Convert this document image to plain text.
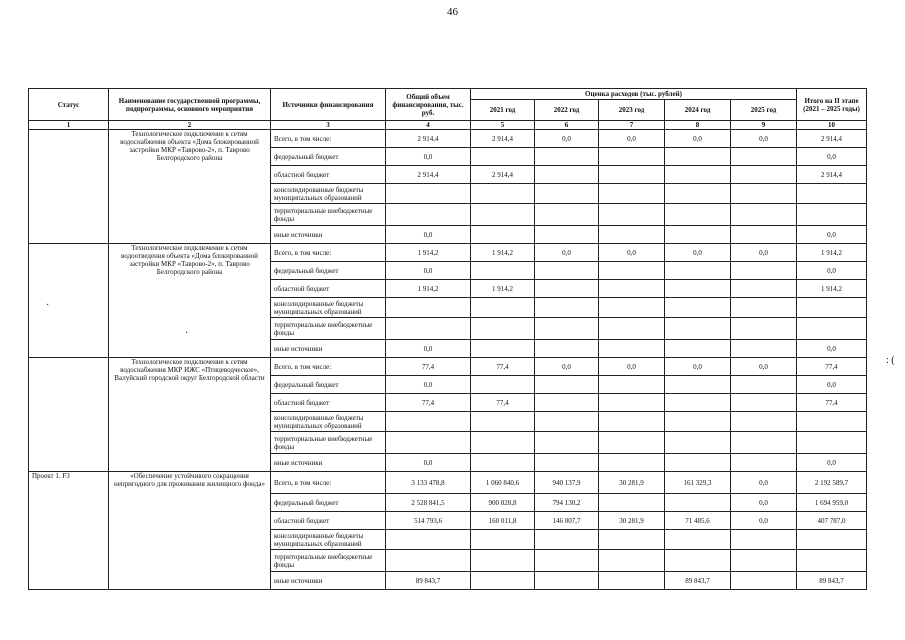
46
Статус	Наименование государственной программы, подпрограммы, основного мероприятия	Источники финансирования	Общий объем финансирования, тыс. руб.	Оценка расходов (тыс. рублей)					Итого на II этапе (2021 – 2025 годы)
				2021 год	2022 год	2023 год	2024 год	2025 год	
1	2	3	4	5	6	7	8	9	10
	Технологическое подключение к сетям водоснабжения объекта «Дома блокированной застройки МКР «Таврово-2», п. Таврово Белгородского района	Всего, в том числе:	2 914,4	2 914,4	0,0	0,0	0,0	0,0	2 914,4
		федеральный бюджет	0,0						0,0
		областной бюджет	2 914,4	2 914,4					2 914,4
		консолидированные бюджеты муниципальных образований							
		территориальные внебюджетные фонды							
		иные источники	0,0						0,0
	Технологическое подключение к сетям водоотведения объекта «Дома блокированной застройки МКР «Таврово-2», п. Таврово Белгородского района	Всего, в том числе:	1 914,2	1 914,2	0,0	0,0	0,0	0,0	1 914,2
		федеральный бюджет	0,0						0,0
		областной бюджет	1 914,2	1 914,2					1 914,2
		консолидированные бюджеты муниципальных образований							
		территориальные внебюджетные фонды							
		иные источники	0,0						0,0
	Технологическое подключение к сетям водоснабжения МКР ИЖС «Птицеводческое», Валуйский городской округ Белгородской области	Всего, в том числе:	77,4	77,4	0,0	0,0	0,0	0,0	77,4
		федеральный бюджет	0,0						0,0
		областной бюджет	77,4	77,4					77,4
		консолидированные бюджеты муниципальных образований							
		территориальные внебюджетные фонды							
		иные источники	0,0						0,0
Проект 1. F3	«Обеспечение устойчивого сокращения непригодного для проживания жилищного фонда»	Всего, в том числе:	3 133 478,8	1 060 840,6	940 137,9	30 281,9	161 329,3	0,0	2 192 589,7
		федеральный бюджет	2 528 841,5	900 828,8	794 130,2			0,0	1 694 959,0
		областной бюджет	514 793,6	160 011,8	146 007,7	30 281,9	71 485,6	0,0	407 787,0
		консолидированные бюджеты муниципальных образований							
		территориальные внебюджетные фонды							
		иные источники	89 843,7				89 843,7		89 843,7
·
·
: (
